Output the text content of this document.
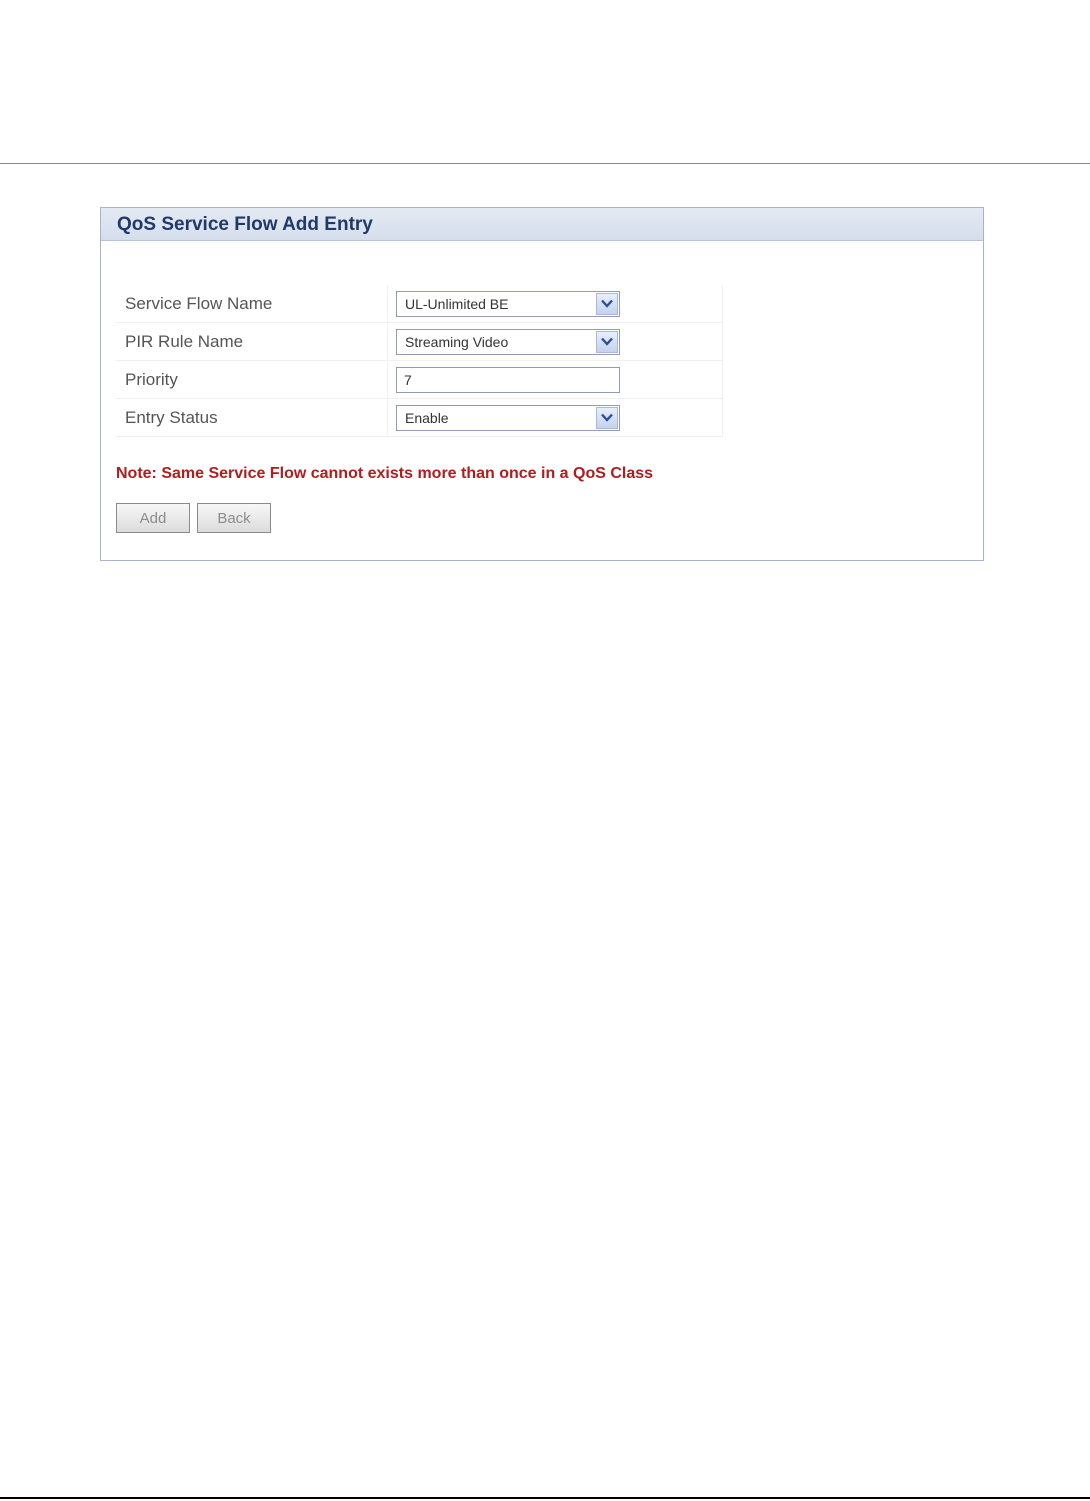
QoS Service Flow Add Entry
Service Flow Name	UL-Unlimited BE

PIR Rule Name	Streaming Video

Priority	7
Entry Status	Enable
Note: Same Service Flow cannot exists more than once in a QoS Class
Add	Back
